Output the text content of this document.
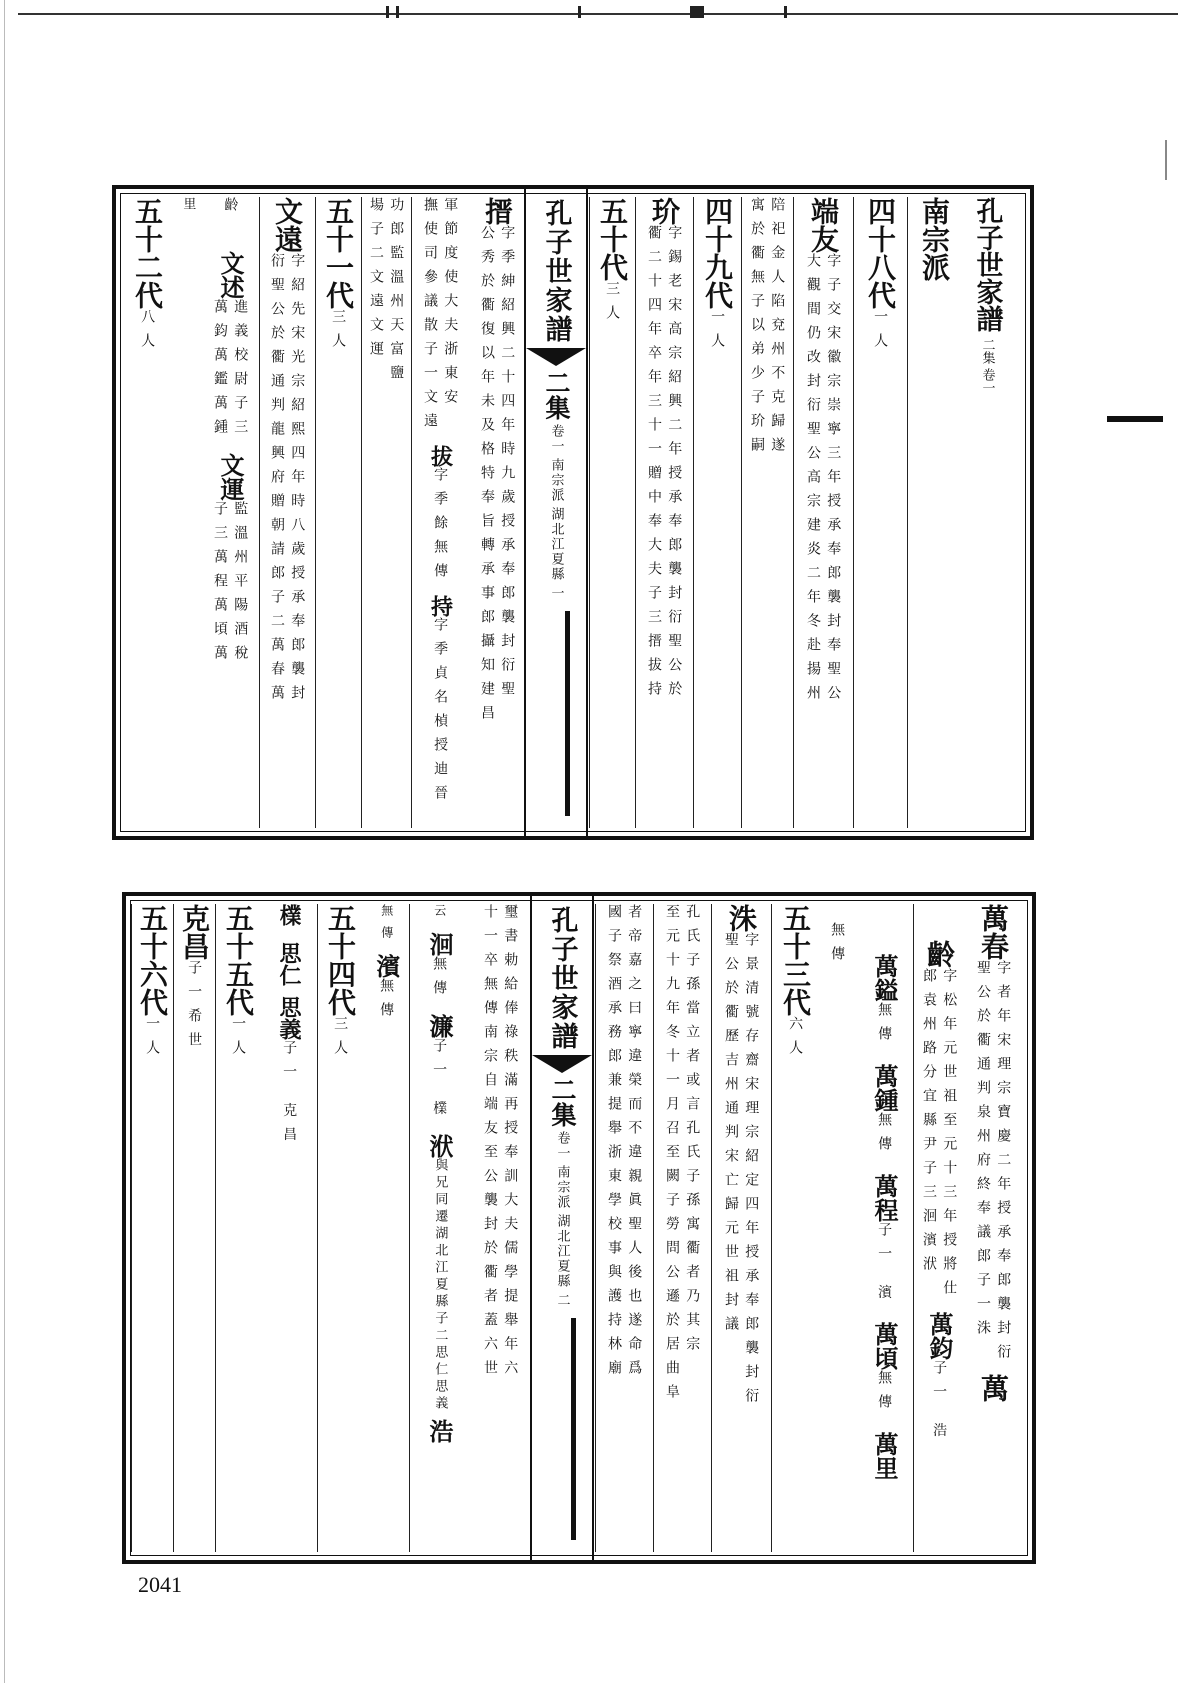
孔子世家譜
二集 卷一
南宗派
四十八代
一人
端友
字子交宋徽宗崇寧三年授承奉郎襲封奉聖公
大觀間仍改封衍聖公高宗建炎二年冬赴揚州
陪祀金人陷兗州不克歸遂
寓於衢無子以弟少子玠嗣
四十九代
一人
玠
字錫老宋高宗紹興二年授承奉郎襲封衍聖公於
衢二十四年卒年三十一贈中奉大夫子三搢拔持
五十代
三人
孔子世家譜
二集
卷一
南宗派
湖北江夏縣
一
搢
字季紳紹興二十四年時九歲授承奉郎襲封衍聖
公秀於衢復以年未及格特奉旨轉承事郎攝知建昌
軍節度使大夫浙東安
撫使司參議散子一文遠
拔
字季餘無傳
持
字季貞名楨授迪晉
功郎監溫州天富鹽
場子二文遠文運
五十一代
三人
文遠
字紹先宋光宗紹熙四年時八歲授承奉郎襲封
衍聖公於衢通判龍興府贈朝請郎子二萬春萬
齡
文述
進義校尉子三
萬鈞萬鑑萬鍾
文運
監溫州平陽酒稅
子三萬程萬頃萬
里
五十二代
八人
萬春
字者年宋理宗寶慶二年授承奉郎襲封衍
聖公於衢通判泉州府終奉議郎子一洙
萬
齡
字松年元世祖至元十三年授將仕
郎袁州路分宜縣尹子三洄濱洑
萬鈞
子一 浩
萬鎰
無傳
萬鍾
無傳
萬程
子一 濱
萬頃
無傳
萬里
無傳
五十三代
六人
洙
字景清號存齋宋理宗紹定四年授承奉郎襲封衍
聖公於衢歷吉州通判宋亡歸元世祖封議
孔氏子孫當立者或言孔氏子孫寓衢者乃其宗
至元十九年冬十一月召至闕子勞問公遜於居曲阜
者帝嘉之曰寧違榮而不違親眞聖人後也遂命爲
國子祭酒承務郎兼提舉浙東學校事與護持林廟
孔子世家譜
二集
卷一
南宗派
湖北江夏縣
二
璽書勅給俸祿秩滿再授奉訓大夫儒學提舉年六
十一卒無傳南宗自端友至公襲封於衢者蓋六世
云
洄
無傳
濂
子一 檏
洑
與兄同遷湖北江夏縣子二思仁思義
浩
無傳
濱
無傳
五十四代
三人
檏
思仁
思義
子一 克昌
五十五代
一人
克昌
子一
希世
五十六代
一人
2041
